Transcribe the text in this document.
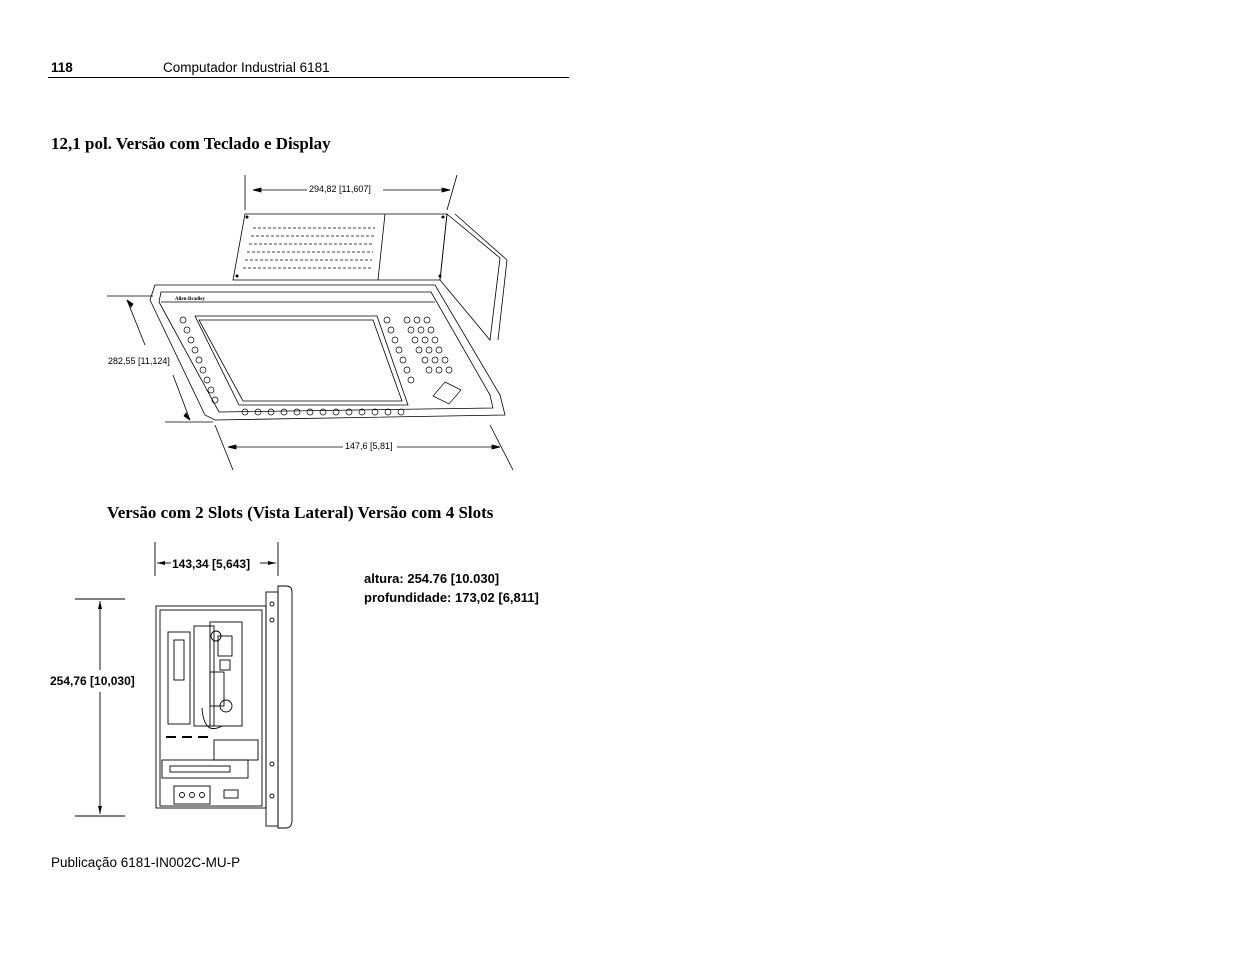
118	Computador Industrial 6181
12,1 pol. Versão com Teclado e Display
294,82 [11,607]
282,55 [11,124]
147,6 [5,81]
Allen-Bradley
Versão com 2 Slots (Vista Lateral) Versão com 4 Slots
143,34 [5,643]
254,76 [10,030]
altura: 254.76 [10.030]
profundidade: 173,02 [6,811]
Publicação 6181-IN002C-MU-P
